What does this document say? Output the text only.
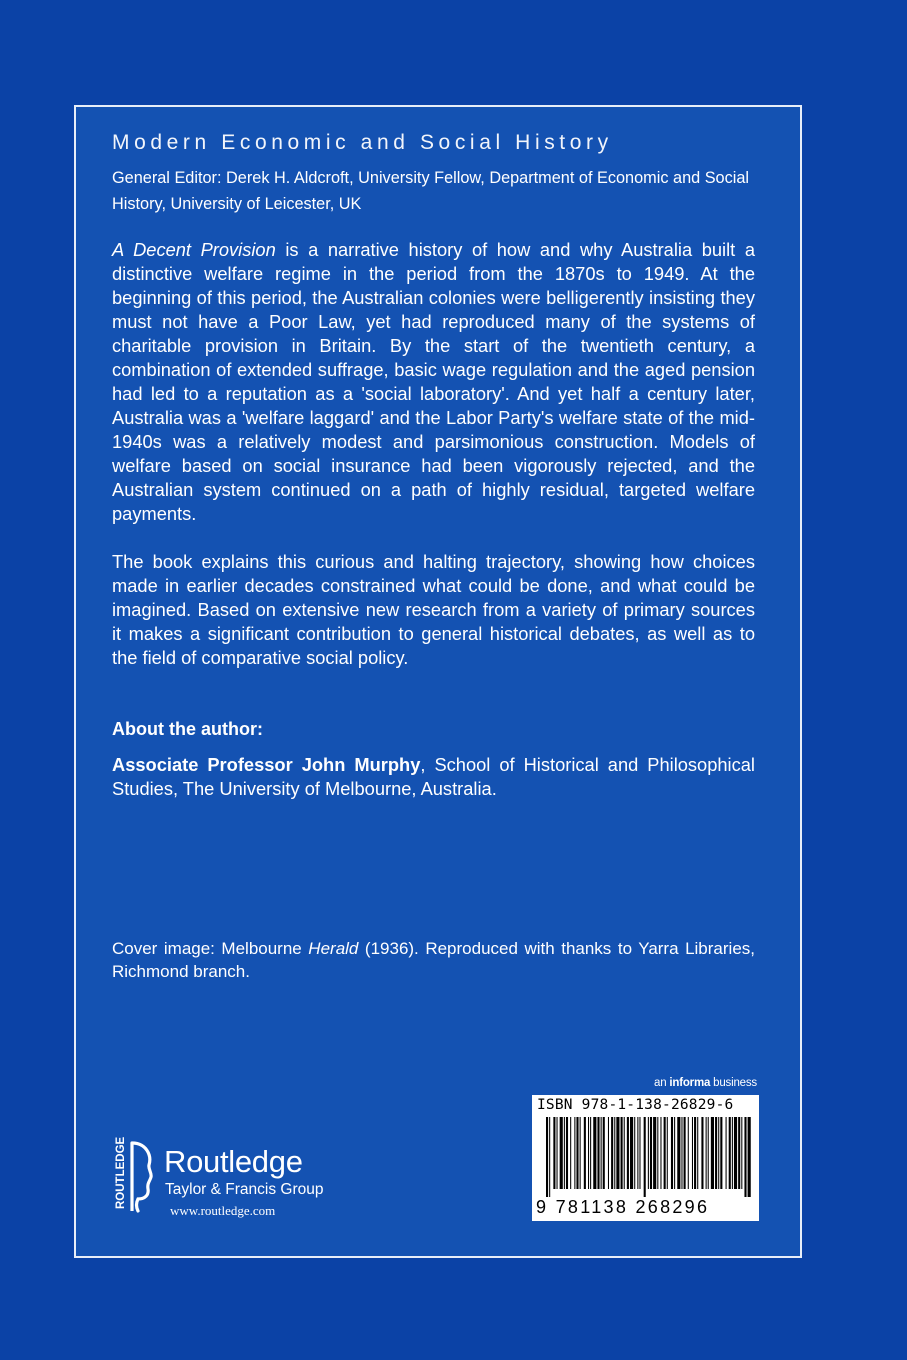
Modern Economic and Social History
General Editor: Derek H. Aldcroft, University Fellow, Department of Economic and Social History, University of Leicester, UK
A Decent Provision is a narrative history of how and why Australia built a distinctive welfare regime in the period from the 1870s to 1949. At the beginning of this period, the Australian colonies were belligerently insisting they must not have a Poor Law, yet had reproduced many of the systems of charitable provision in Britain. By the start of the twentieth century, a combination of extended suffrage, basic wage regulation and the aged pension had led to a reputation as a 'social laboratory'. And yet half a century later, Australia was a 'welfare laggard' and the Labor Party's welfare state of the mid-1940s was a relatively modest and parsimonious construction. Models of welfare based on social insurance had been vigorously rejected, and the Australian system continued on a path of highly residual, targeted welfare payments.
The book explains this curious and halting trajectory, showing how choices made in earlier decades constrained what could be done, and what could be imagined. Based on extensive new research from a variety of primary sources it makes a significant contribution to general historical debates, as well as to the field of comparative social policy.
About the author:
Associate Professor John Murphy, School of Historical and Philosophical Studies, The University of Melbourne, Australia.
Cover image: Melbourne Herald (1936). Reproduced with thanks to Yarra Libraries, Richmond branch.
an informa business
ISBN 978-1-138-26829-6
9 781138 268296
ROUTLEDGE Routledge
Taylor & Francis Group
www.routledge.com
